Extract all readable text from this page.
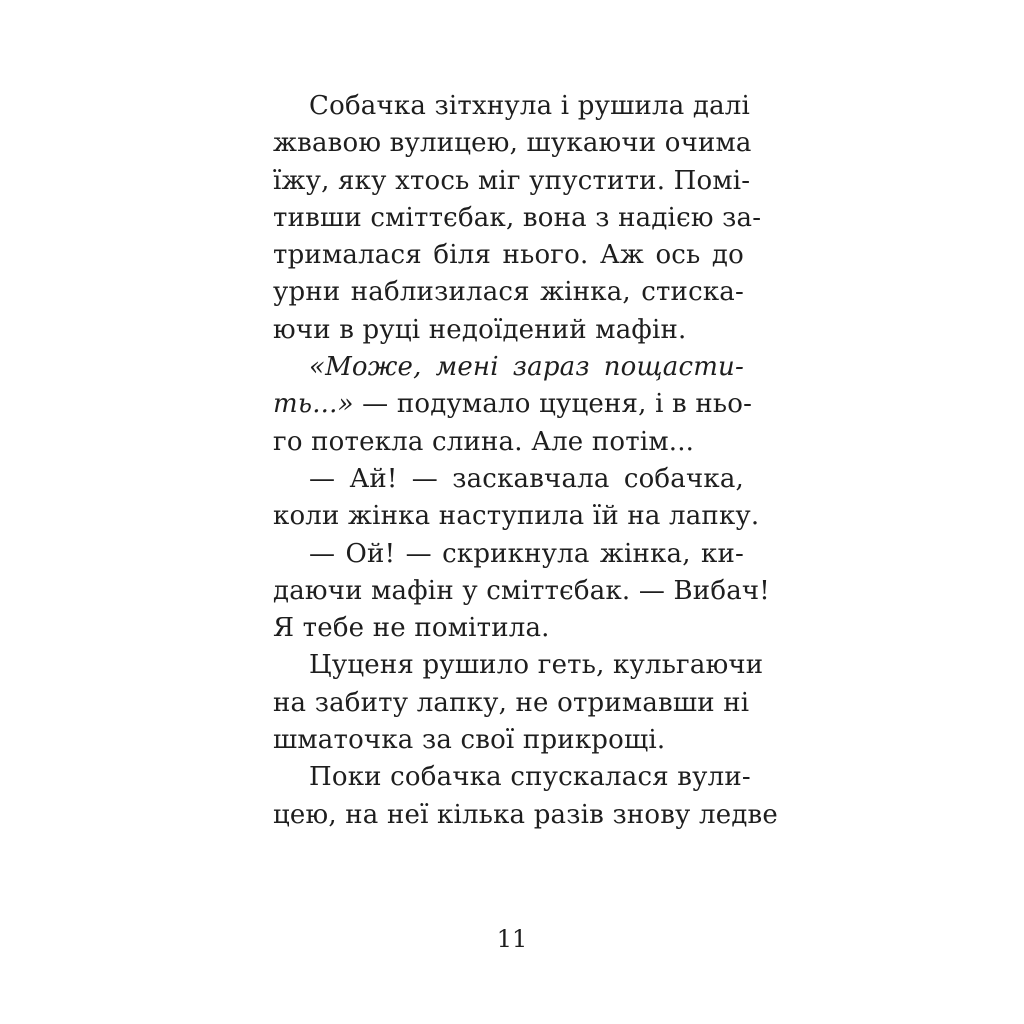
Собачка зітхнула і рушила далі
жвавою вулицею, шукаючи очима
їжу, яку хтось міг упустити. Помі-
тивши сміттєбак, вона з надією за-
трималася біля нього. Аж ось до
урни наблизилася жінка, стиска-
ючи в руці недоїдений мафін.
«Може, мені зараз пощасти-
ть...» — подумало цуценя, і в ньо-
го потекла слина. Але потім...
— Ай! — заскавчала собачка,
коли жінка наступила їй на лапку.
— Ой! — скрикнула жінка, ки-
даючи мафін у сміттєбак. — Вибач!
Я тебе не помітила.
Цуценя рушило геть, кульгаючи
на забиту лапку, не отримавши ні
шматочка за свої прикрощі.
Поки собачка спускалася вули-
цею, на неї кілька разів знову ледве
11
